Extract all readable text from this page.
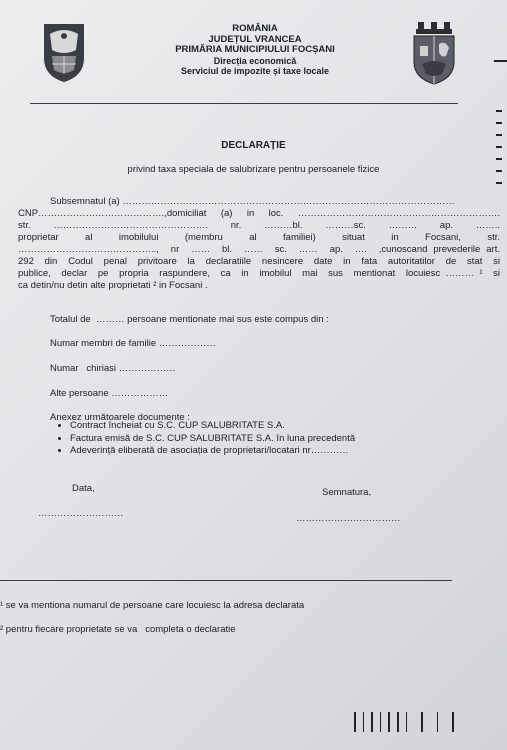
ROMÂNIA
JUDEȚUL VRANCEA
PRIMĂRIA MUNICIPIULUI FOCȘANI
Direcția economică
Serviciul de impozite și taxe locale
DECLARAȚIE
privind taxa speciala de salubrizare pentru persoanele fizice
Subsemnatul (a) ……………………………………………………………………………………………
CNP………………………………….,domiciliat (a) in loc. ……………………………………………………….
str.   ………………………………………….   nr.   ………bl.   ………sc.   ………   ap.   ……..
proprietar   al   imobilului   (membru   al   familiei)   situat   in   Focsani,   str.
……………………………………..,  nr  ……  bl.  ……  sc.  ……  ap.  ….  ,cunoscand prevederile art.
292  din  Codul  penal  privitoare  la  declaratiile  nesincere  date  in  fata  autoritatilor  de  stat  si
publice,  declar  pe  propria  raspundere,  ca  in  imobilul  mai  sus  mentionat  locuiesc ……… ¹  si
ca detin/nu detin alte proprietati ² in Focsani .
Totalul de  ……… persoane mentionate mai sus este compus din :
Numar membri de familie ………………
Numar   chiriasi ………………
Alte persoane ………………
Anexez următoarele documente :
• Contract încheiat cu S.C. CUP SALUBRITATE S.A.
• Factura emisă de S.C. CUP SALUBRITATE S.A. în luna precedentă
• Adeverință eliberată de asociația de proprietari/locatari nr…………
Data,	Semnatura,
………………………	……………………………
¹ se va mentiona numarul de persoane care locuiesc la adresa declarata
² pentru fiecare proprietate se va   completa o declaratie
